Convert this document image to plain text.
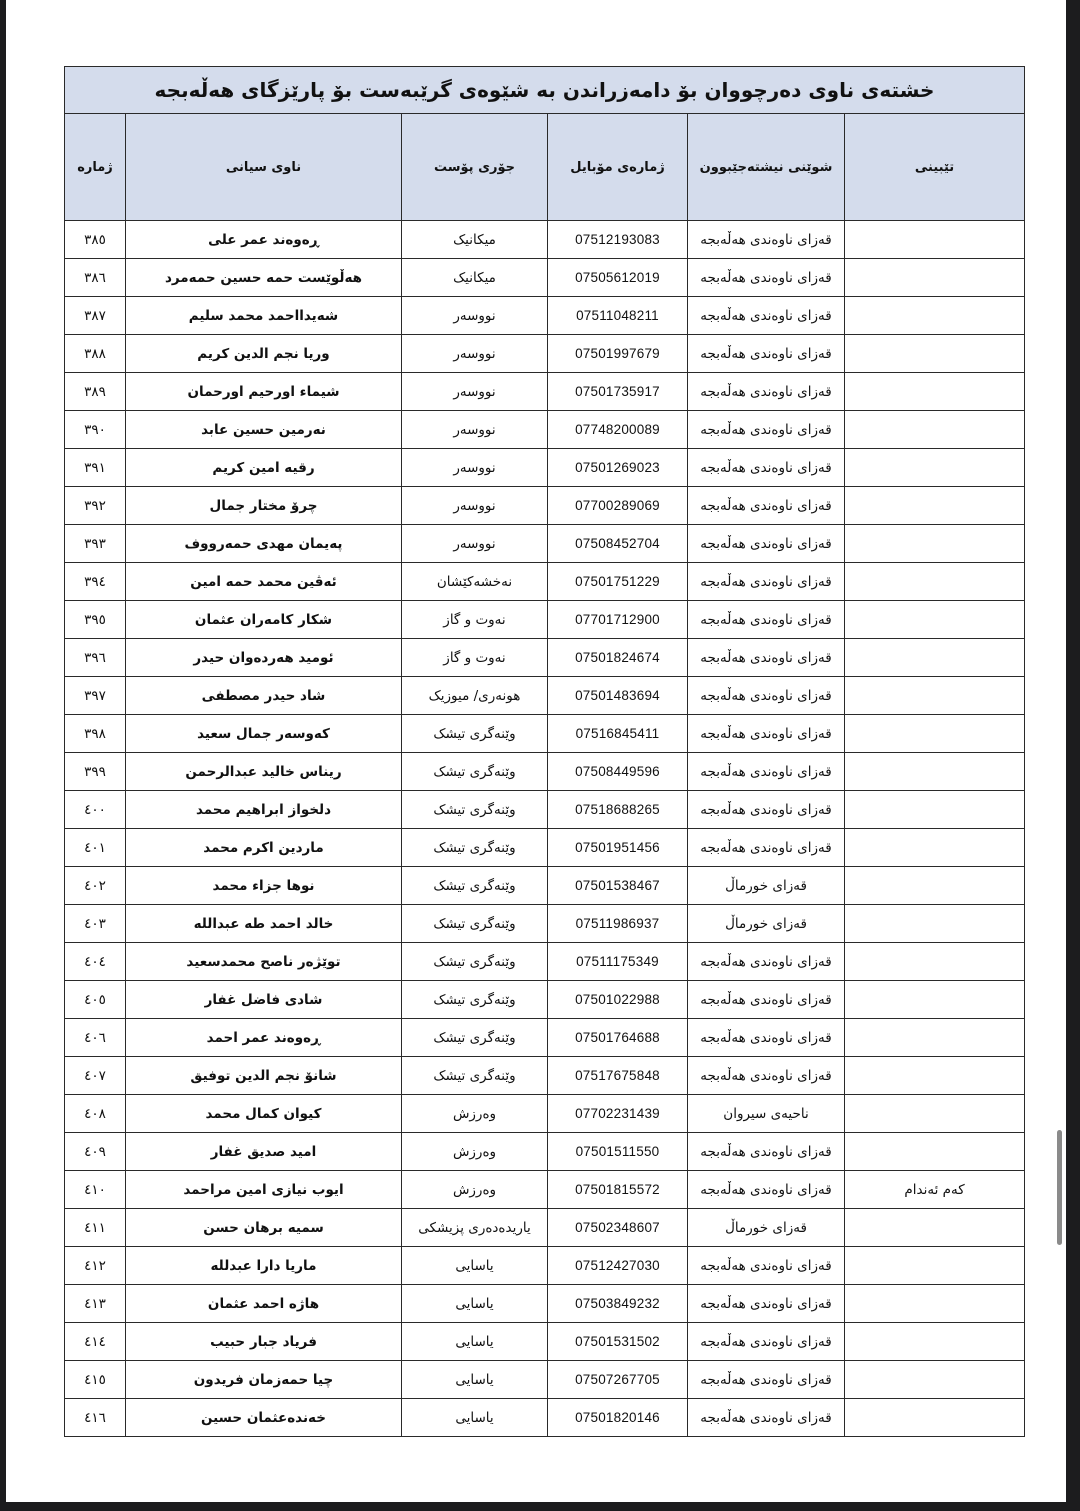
خشتەی ناوی دەرچووان بۆ دامەزراندن بە شێوەی گرێبەست بۆ پارێزگای هەڵەبجە					
ژمارە	ناوی سیانی	جۆری پۆست	ژمارەی مۆبایل	شوێنی نیشتەجێبوون	تێبینی
٣٨٥	ڕەوەند عمر علی	میکانیک	07512193083	قەزای ناوەندی هەڵەبجە	
٣٨٦	هەڵوێست حمە حسین حمەمرد	میکانیک	07505612019	قەزای ناوەندی هەڵەبجە	
٣٨٧	شەیدااحمد محمد سلیم	نووسەر	07511048211	قەزای ناوەندی هەڵەبجە	
٣٨٨	وریا نجم الدین کریم	نووسەر	07501997679	قەزای ناوەندی هەڵەبجە	
٣٨٩	شیماء اورحیم اورحمان	نووسەر	07501735917	قەزای ناوەندی هەڵەبجە	
٣٩٠	نەرمین حسین عابد	نووسەر	07748200089	قەزای ناوەندی هەڵەبجە	
٣٩١	رقیە امین کریم	نووسەر	07501269023	قەزای ناوەندی هەڵەبجە	
٣٩٢	چرۆ مختار جمال	نووسەر	07700289069	قەزای ناوەندی هەڵەبجە	
٣٩٣	پەیمان مهدی حمەرووف	نووسەر	07508452704	قەزای ناوەندی هەڵەبجە	
٣٩٤	ئەڤین محمد حمە امین	نەخشەکێشان	07501751229	قەزای ناوەندی هەڵەبجە	
٣٩٥	شکار کامەران عثمان	نەوت و گاز	07701712900	قەزای ناوەندی هەڵەبجە	
٣٩٦	ئومید هەردەوان حیدر	نەوت و گاز	07501824674	قەزای ناوەندی هەڵەبجە	
٣٩٧	شاد حیدر مصطفی	هونەری/ میوزیک	07501483694	قەزای ناوەندی هەڵەبجە	
٣٩٨	کەوسەر جمال سعید	وێنەگری تیشک	07516845411	قەزای ناوەندی هەڵەبجە	
٣٩٩	ریناس خالید عبدالرحمن	وێنەگری تیشک	07508449596	قەزای ناوەندی هەڵەبجە	
٤٠٠	دلخواز ابراهیم محمد	وێنەگری تیشک	07518688265	قەزای ناوەندی هەڵەبجە	
٤٠١	ماردین اکرم محمد	وێنەگری تیشک	07501951456	قەزای ناوەندی هەڵەبجە	
٤٠٢	نوها جزاء محمد	وێنەگری تیشک	07501538467	قەزای خورماڵ	
٤٠٣	خالد احمد طە عبداللە	وێنەگری تیشک	07511986937	قەزای خورماڵ	
٤٠٤	توێژەر ناصح محمدسعید	وێنەگری تیشک	07511175349	قەزای ناوەندی هەڵەبجە	
٤٠٥	شادی فاضل غفار	وێنەگری تیشک	07501022988	قەزای ناوەندی هەڵەبجە	
٤٠٦	ڕەوەند عمر احمد	وێنەگری تیشک	07501764688	قەزای ناوەندی هەڵەبجە	
٤٠٧	شانۆ نجم الدین توفیق	وێنەگری تیشک	07517675848	قەزای ناوەندی هەڵەبجە	
٤٠٨	کیوان کمال محمد	وەرزش	07702231439	ناحیەی سیروان	
٤٠٩	امید صدیق غفار	وەرزش	07501511550	قەزای ناوەندی هەڵەبجە	
٤١٠	ایوب نیازی امین مراحمد	وەرزش	07501815572	قەزای ناوەندی هەڵەبجە	کەم ئەندام
٤١١	سمیە برهان حسن	یاریدەدەری پزیشکی	07502348607	قەزای خورماڵ	
٤١٢	ماریا دارا عبدلله	یاسایی	07512427030	قەزای ناوەندی هەڵەبجە	
٤١٣	هاژە احمد عثمان	یاسایی	07503849232	قەزای ناوەندی هەڵەبجە	
٤١٤	فرياد جبار حبيب	یاسایی	07501531502	قەزای ناوەندی هەڵەبجە	
٤١٥	چیا حمەزمان فریدون	یاسایی	07507267705	قەزای ناوەندی هەڵەبجە	
٤١٦	خەندەعثمان حسین	یاسایی	07501820146	قەزای ناوەندی هەڵەبجە	
